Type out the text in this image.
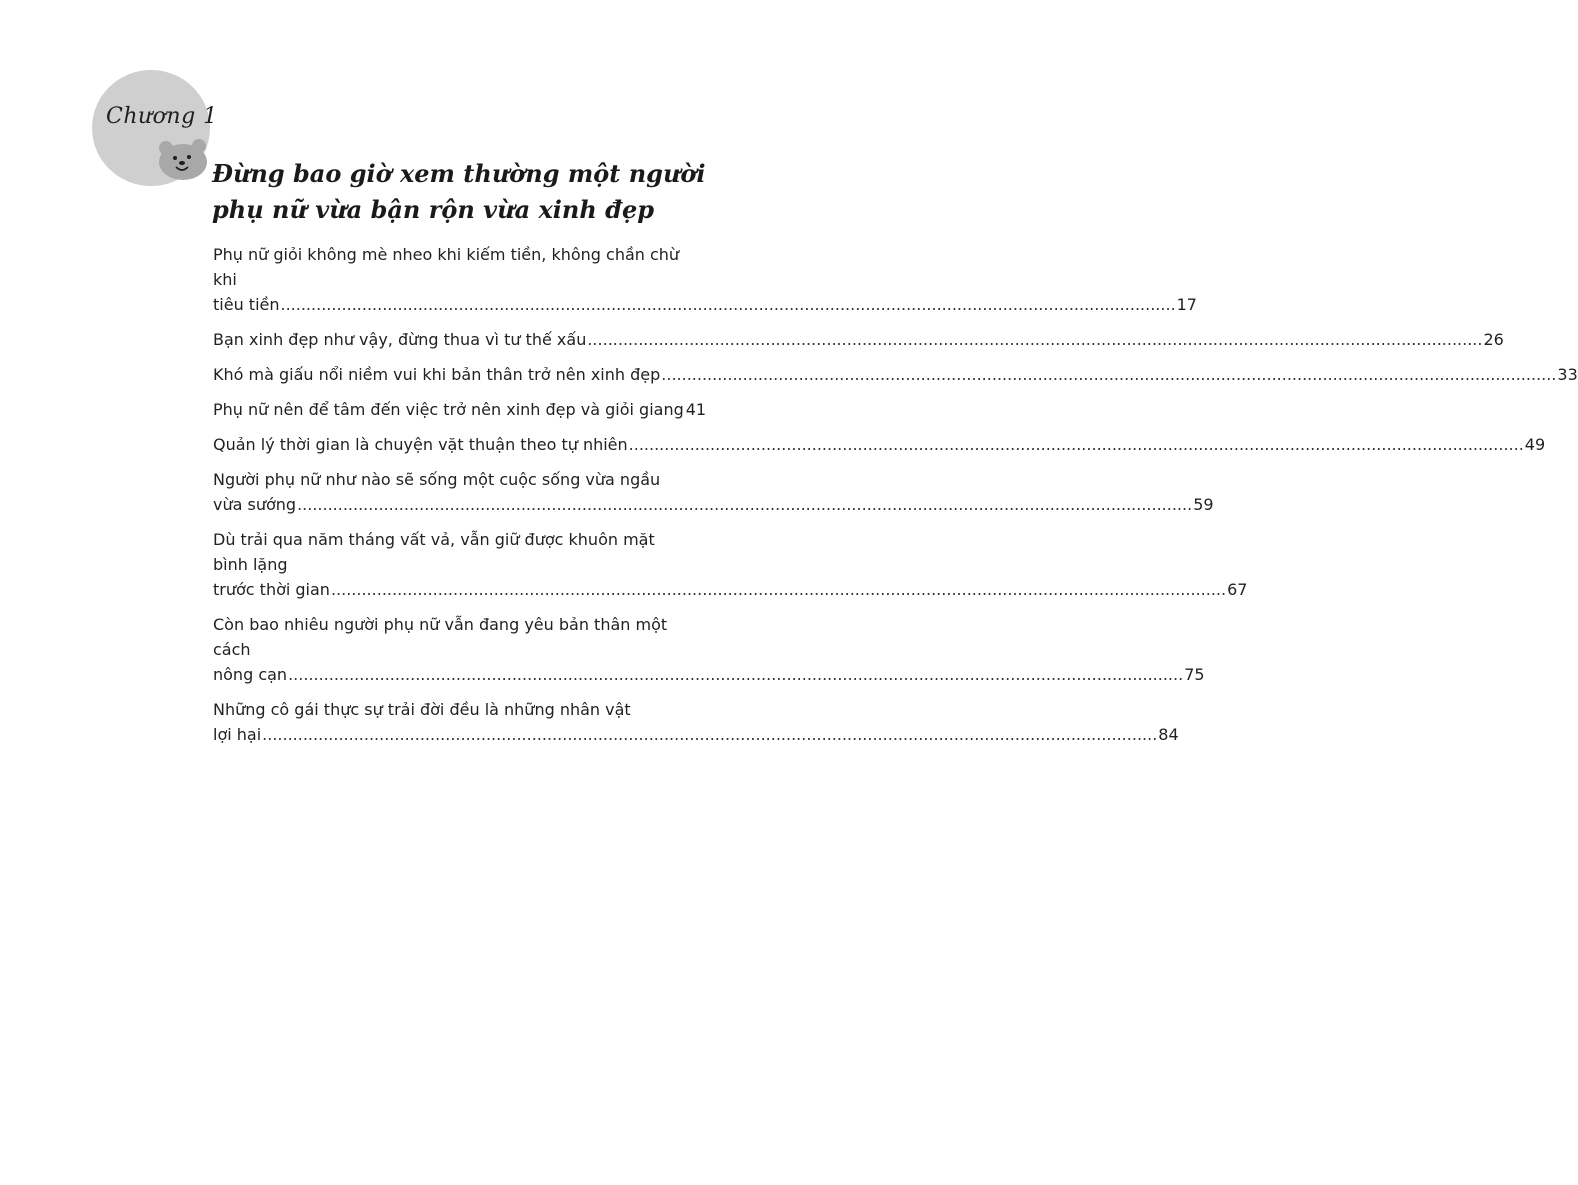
Chương 1
Đừng bao giờ xem thường một người phụ nữ vừa bận rộn vừa xinh đẹp
Phụ nữ giỏi không mè nheo khi kiếm tiền, không chần chừ khi
tiêu tiền ................................................................................................................................................................................ 17
Bạn xinh đẹp như vậy, đừng thua vì tư thế xấu ................................................................................................................................................................................ 26
Khó mà giấu nổi niềm vui khi bản thân trở nên xinh đẹp ................................................................................................................................................................................ 33
Phụ nữ nên để tâm đến việc trở nên xinh đẹp và giỏi giang 41
Quản lý thời gian là chuyện vặt thuận theo tự nhiên ................................................................................................................................................................................ 49
Người phụ nữ như nào sẽ sống một cuộc sống vừa ngầu
vừa sướng ................................................................................................................................................................................ 59
Dù trải qua năm tháng vất vả, vẫn giữ được khuôn mặt bình lặng
trước thời gian ................................................................................................................................................................................ 67
Còn bao nhiêu người phụ nữ vẫn đang yêu bản thân một cách
nông cạn ................................................................................................................................................................................ 75
Những cô gái thực sự trải đời đều là những nhân vật
lợi hại ................................................................................................................................................................................ 84
